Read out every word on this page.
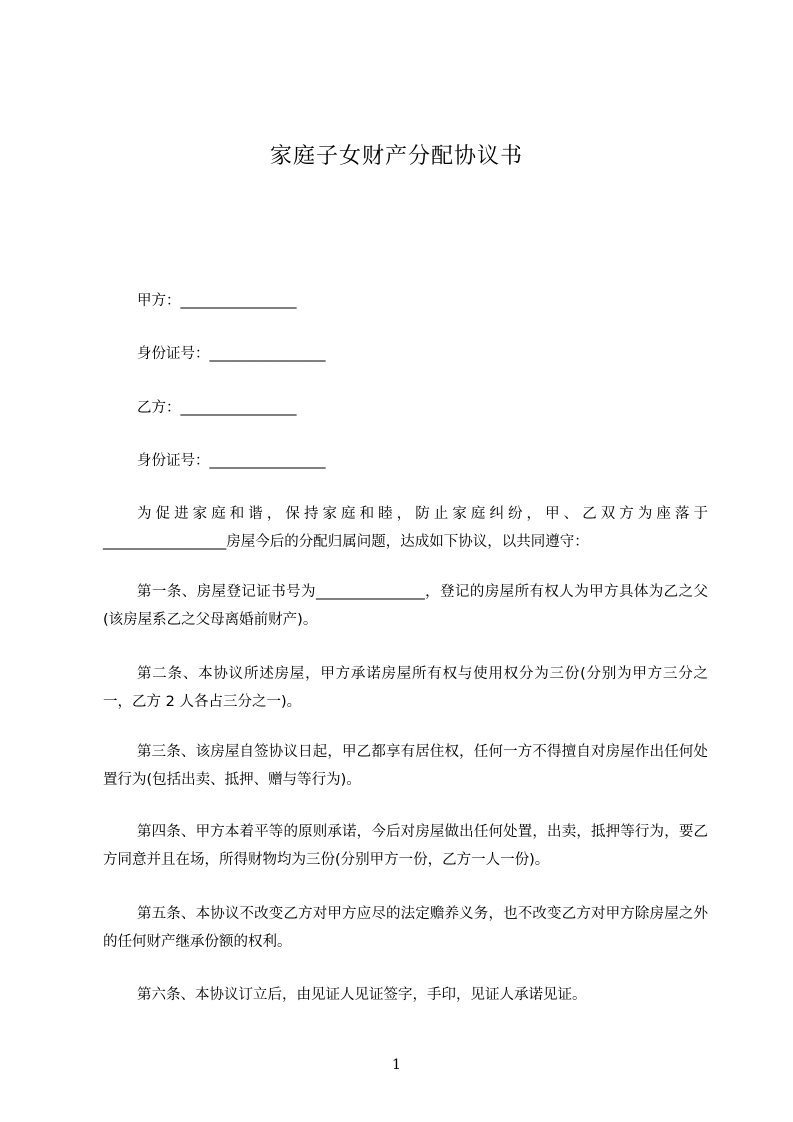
家庭子女财产分配协议书
甲方：________________
身份证号：________________
乙方：________________
身份证号：________________
为促进家庭和谐，保持家庭和睦，防止家庭纠纷，甲、乙双方为座落于_________________房屋今后的分配归属问题，达成如下协议，以共同遵守：
第一条、房屋登记证书号为_______________，登记的房屋所有权人为甲方具体为乙之父(该房屋系乙之父母离婚前财产)。
第二条、本协议所述房屋，甲方承诺房屋所有权与使用权分为三份(分别为甲方三分之一，乙方 2 人各占三分之一)。
第三条、该房屋自签协议日起，甲乙都享有居住权，任何一方不得擅自对房屋作出任何处置行为(包括出卖、抵押、赠与等行为)。
第四条、甲方本着平等的原则承诺，今后对房屋做出任何处置，出卖，抵押等行为，要乙方同意并且在场，所得财物均为三份(分别甲方一份，乙方一人一份)。
第五条、本协议不改变乙方对甲方应尽的法定赡养义务，也不改变乙方对甲方除房屋之外的任何财产继承份额的权利。
第六条、本协议订立后，由见证人见证签字，手印，见证人承诺见证。
1
